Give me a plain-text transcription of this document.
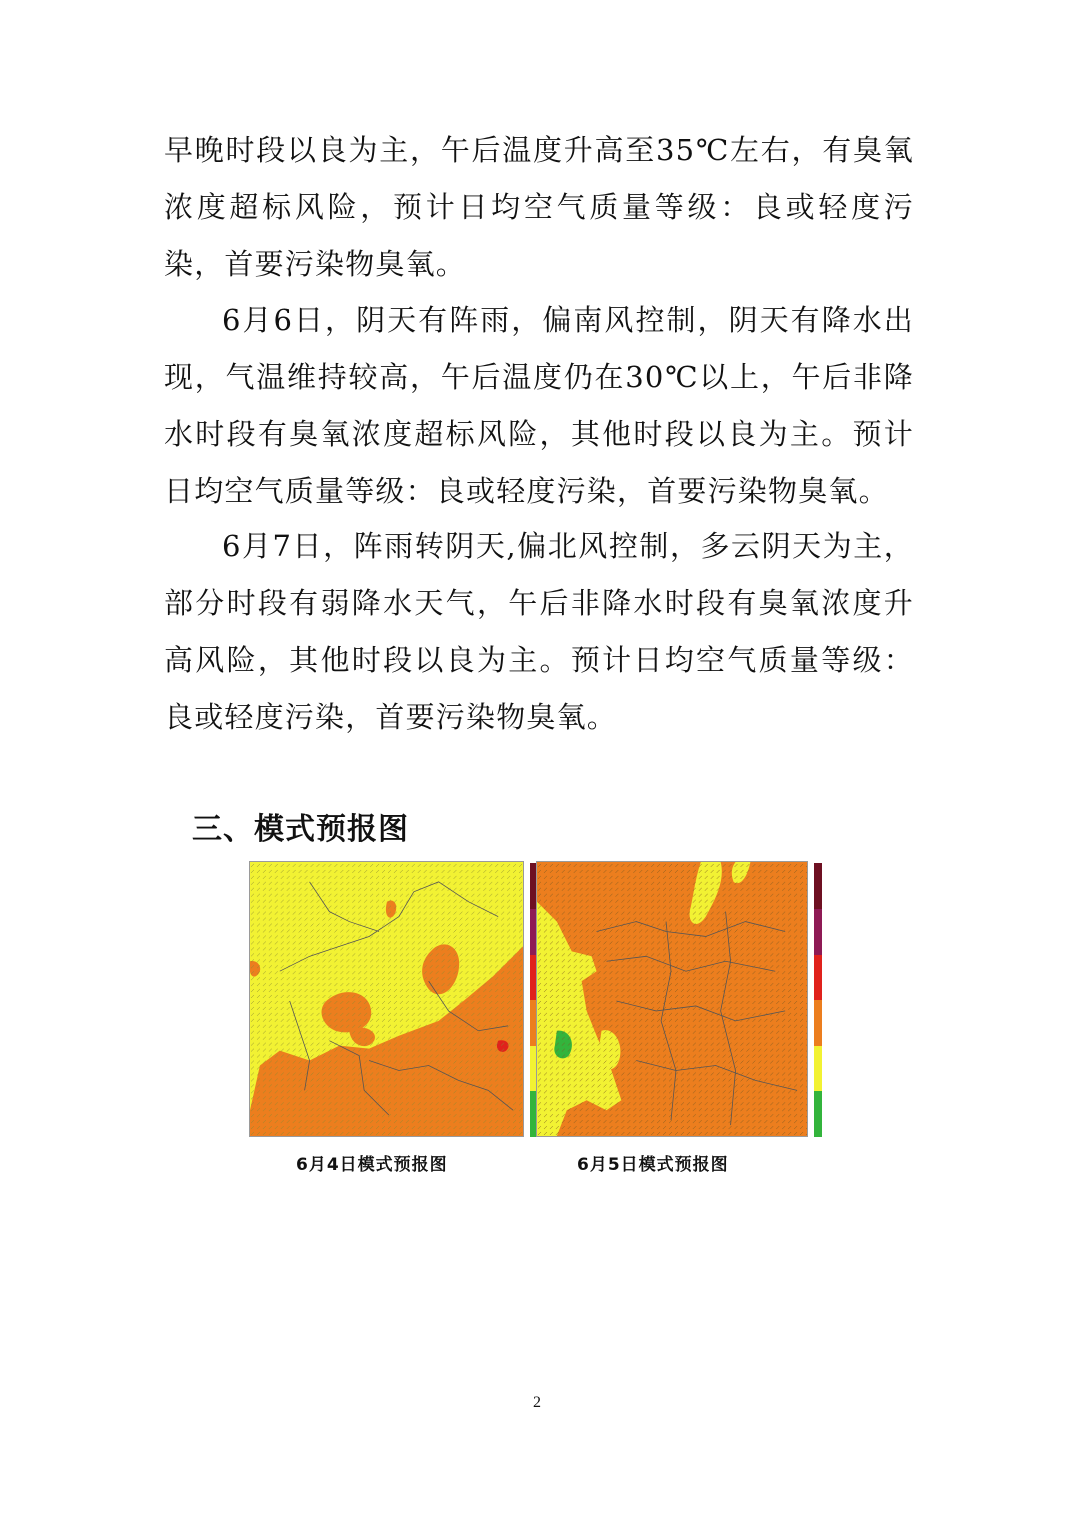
早晚时段以良为主，午后温度升高至35℃左右，有臭氧浓度超标风险，预计日均空气质量等级：良或轻度污染，首要污染物臭氧。

6月6日，阴天有阵雨，偏南风控制，阴天有降水出现，气温维持较高，午后温度仍在30℃以上，午后非降水时段有臭氧浓度超标风险，其他时段以良为主。预计日均空气质量等级：良或轻度污染，首要污染物臭氧。

6月7日，阵雨转阴天,偏北风控制，多云阴天为主，部分时段有弱降水天气，午后非降水时段有臭氧浓度升高风险，其他时段以良为主。预计日均空气质量等级：良或轻度污染，首要污染物臭氧。

三、模式预报图
6月4日模式预报图	6月5日模式预报图
2
